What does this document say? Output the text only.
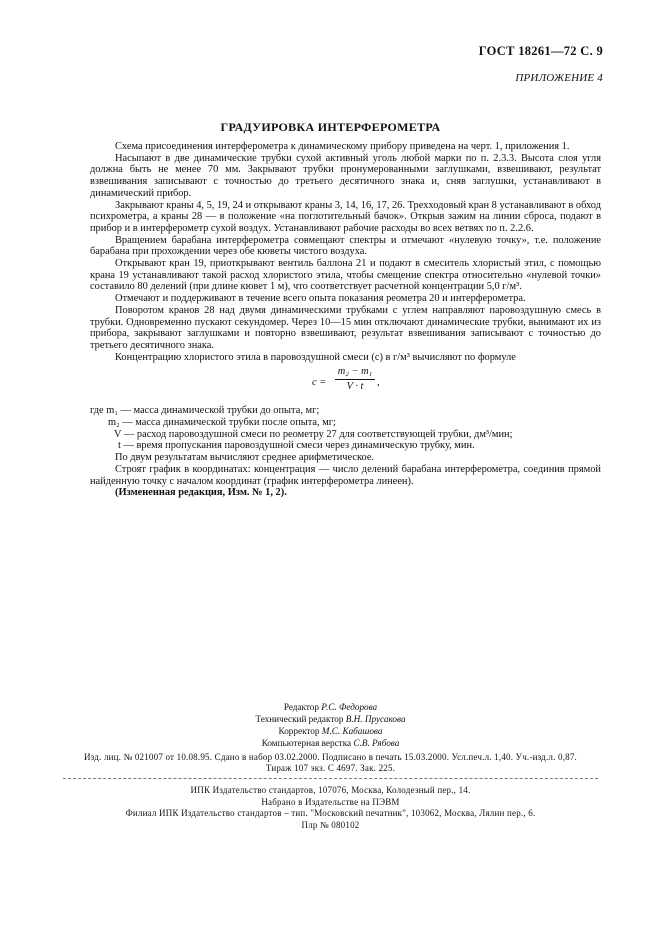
ГОСТ 18261—72 С. 9
ПРИЛОЖЕНИЕ 4
ГРАДУИРОВКА ИНТЕРФЕРОМЕТРА

Схема присоединения интерферометра к динамическому прибору приведена на черт. 1, приложения 1.

Насыпают в две динамические трубки сухой активный уголь любой марки по п. 2.3.3. Высота слоя угля должна быть не менее 70 мм. Закрывают трубки пронумерованными заглушками, взвешивают, результат взвешивания записывают с точностью до третьего десятичного знака и, сняв заглушки, устанавливают в динамический прибор.

Закрывают краны 4, 5, 19, 24 и открывают краны 3, 14, 16, 17, 26. Трехходовый кран 8 устанавливают в обход психрометра, а краны 28 — в положение «на поглотительный бачок». Открыв зажим на линии сброса, подают в прибор и в интерферометр сухой воздух. Устанавливают рабочие расходы во всех ветвях по п. 2.2.6.

Вращением барабана интерферометра совмещают спектры и отмечают «нулевую точку», т.е. положение барабана при прохождении через обе кюветы чистого воздуха.

Открывают кран 19, приоткрывают вентиль баллона 21 и подают в смеситель хлористый этил, с помощью крана 19 устанавливают такой расход хлористого этила, чтобы смещение спектра относительно «нулевой точки» составило 80 делений (при длине кювет 1 м), что соответствует расчетной концентрации 5,0 г/м³.

Отмечают и поддерживают в течение всего опыта показания реометра 20 и интерферометра.

Поворотом кранов 28 над двумя динамическими трубками с углем направляют паровоздушную смесь в трубки. Одновременно пускают секундомер. Через 10—15 мин отключают динамические трубки, вынимают их из прибора, закрывают заглушками и повторно взвешивают, результат взвешивания записывают с точностью до третьего десятичного знака.

Концентрацию хлористого этила в паровоздушной смеси (c) в г/м³ вычисляют по формуле

$c = \frac{\text{m₂ − m₁}}{V \cdot t}$ ,
где m₁ — масса динамической трубки до опыта, мг;
m₂ — масса динамической трубки после опыта, мг;
V — расход паровоздушной смеси по реометру 27 для соответствующей трубки, дм³/мин;
t — время пропускания паровоздушной смеси через динамическую трубку, мин.

По двум результатам вычисляют среднее арифметическое.

Строят график в координатах: концентрация — число делений барабана интерферометра, соединив прямой найденную точку с началом координат (график интерферометра линеен).

(Измененная редакция, Изм. № 1, 2).

Редактор Р.С. Федорова
Технический редактор В.Н. Прусакова
Корректор М.С. Кабашова
Компьютерная верстка С.В. Рябова
Изд. лиц. № 021007 от 10.08.95. Сдано в набор 03.02.2000. Подписано в печать 15.03.2000. Усл.печ.л. 1,40. Уч.-изд.л. 0,87.
Тираж 107 экз. С 4697. Зак. 225.
ИПК Издательство стандартов, 107076, Москва, Колодезный пер., 14.
Набрано в Издательстве на ПЭВМ
Филиал ИПК Издательство стандартов – тип. "Московский печатник", 103062, Москва, Лялин пер., 6.
Плр № 080102
